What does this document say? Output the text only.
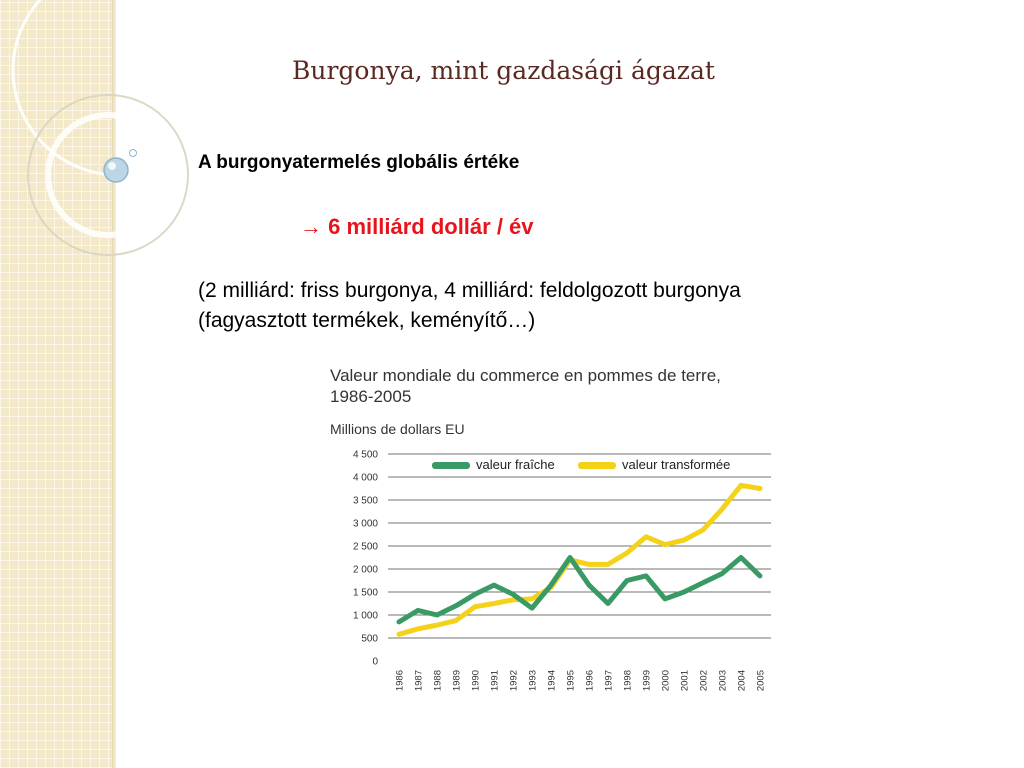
Burgonya, mint gazdasági ágazat
A burgonyatermelés globális értéke
→ 6 milliárd dollár / év
(2 milliárd: friss burgonya, 4 milliárd: feldolgozott burgonya
(fagyasztott termékek, keményítő…)
Valeur mondiale du commerce en pommes de terre,
1986-2005
Millions de dollars EU
0
500
1 000
1 500
2 000
2 500
3 000
3 500
4 000
4 500
1986 1987 1988 1989 1990 1991 1992 1993 1994 1995 1996 1997 1998 1999 2000 2001 2002 2003 2004 2005
valeur fraîche	valeur transformée
